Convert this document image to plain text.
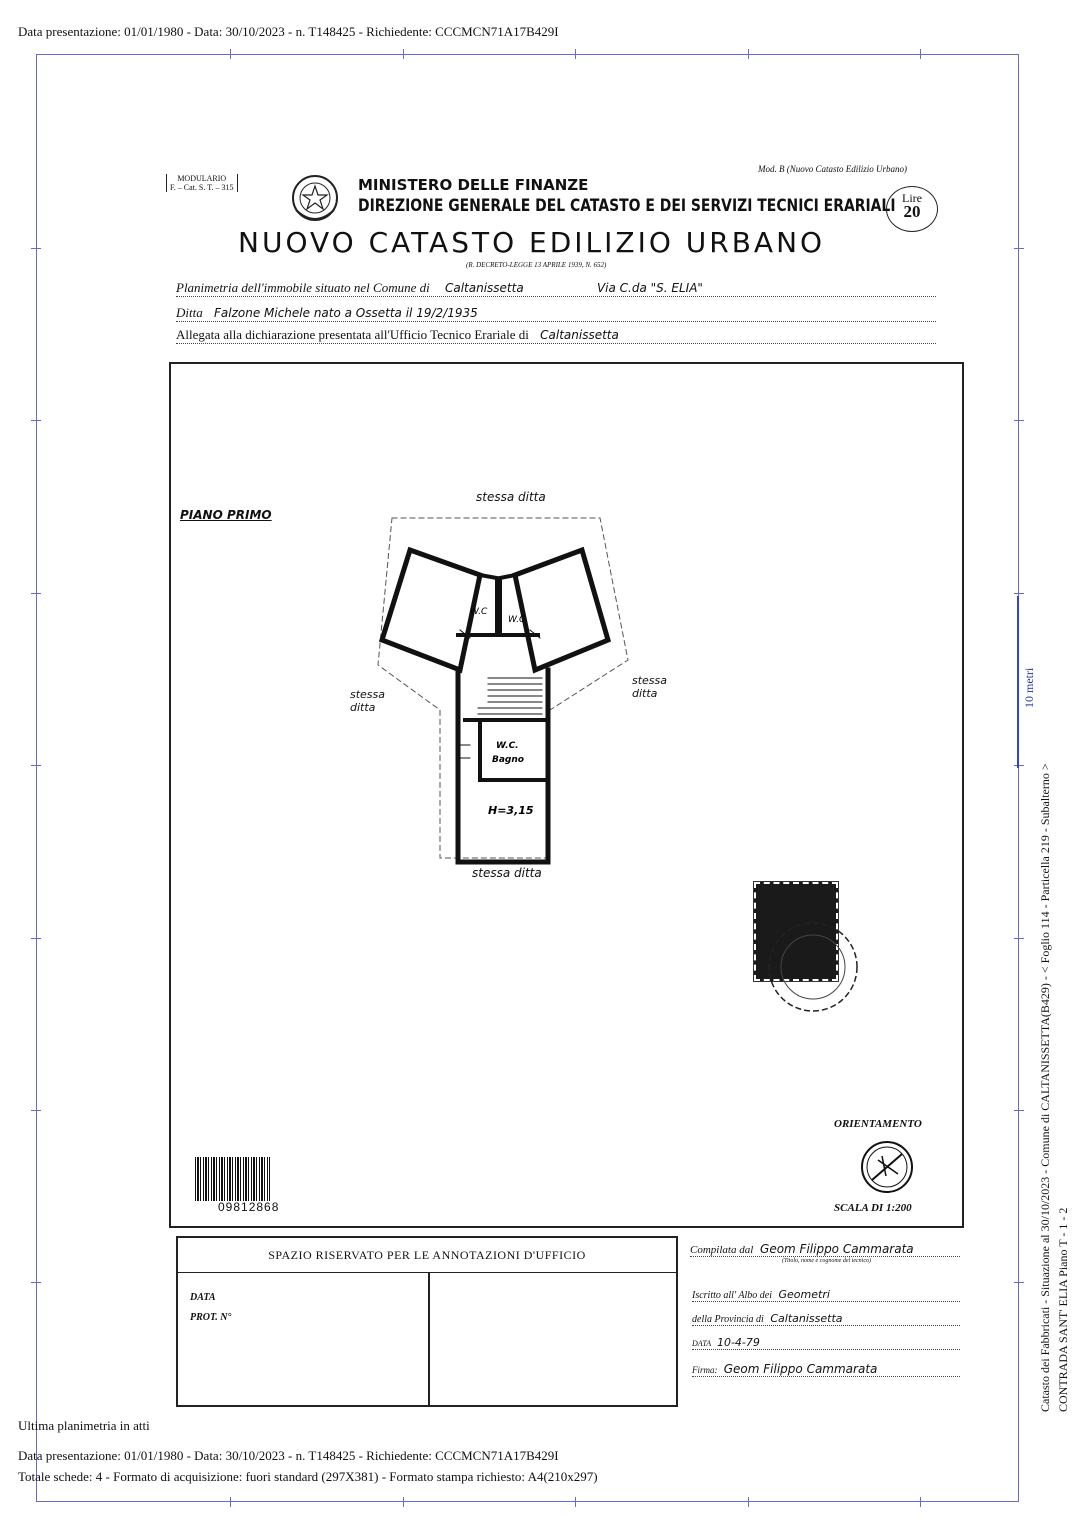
Data presentazione: 01/01/1980 - Data: 30/10/2023 - n. T148425 - Richiedente: CCCMCN71A17B429I
MODULARIO
F. – Cat. S. T. – 315
Mod. B (Nuovo Catasto Edilizio Urbano)
MINISTERO DELLE FINANZE
DIREZIONE GENERALE DEL CATASTO E DEI SERVIZI TECNICI ERARIALI Lire
20
NUOVO CATASTO EDILIZIO URBANO
(R. DECRETO-LEGGE 13 APRILE 1939, N. 652)
Planimetria dell'immobile situato nel Comune di Caltanissetta	Via C.da "S. ELIA"
Ditta Falzone Michele nato a Ossetta il 19/2/1935
Allegata alla dichiarazione presentata all'Ufficio Tecnico Erariale di Caltanissetta
PIANO PRIMO
stessa ditta
stessa ditta
stessa ditta
stessa ditta
W.C
W.C
W.C.
Bagno
H=3,15
ORIENTAMENTO
SCALA DI 1:200
09812868
SPAZIO RISERVATO PER LE ANNOTAZIONI D'UFFICIO
DATA
PROT. N°
Compilata dal Geom Filippo Cammarata
(Titolo, nome e cognome del tecnico)
Iscritto all' Albo dei Geometri
della Provincia di Caltanissetta
DATA 10-4-79
Firma: Geom Filippo Cammarata
10 metri
Catasto dei Fabbricati - Situazione al 30/10/2023 - Comune di CALTANISSETTA(B429) - < Foglio 114 - Particella 219 - Subalterno > CONTRADA SANT' ELIA Piano T - 1 - 2
Ultima planimetria in atti
Data presentazione: 01/01/1980 - Data: 30/10/2023 - n. T148425 - Richiedente: CCCMCN71A17B429I
Totale schede: 4 - Formato di acquisizione: fuori standard (297X381) - Formato stampa richiesto: A4(210x297)
